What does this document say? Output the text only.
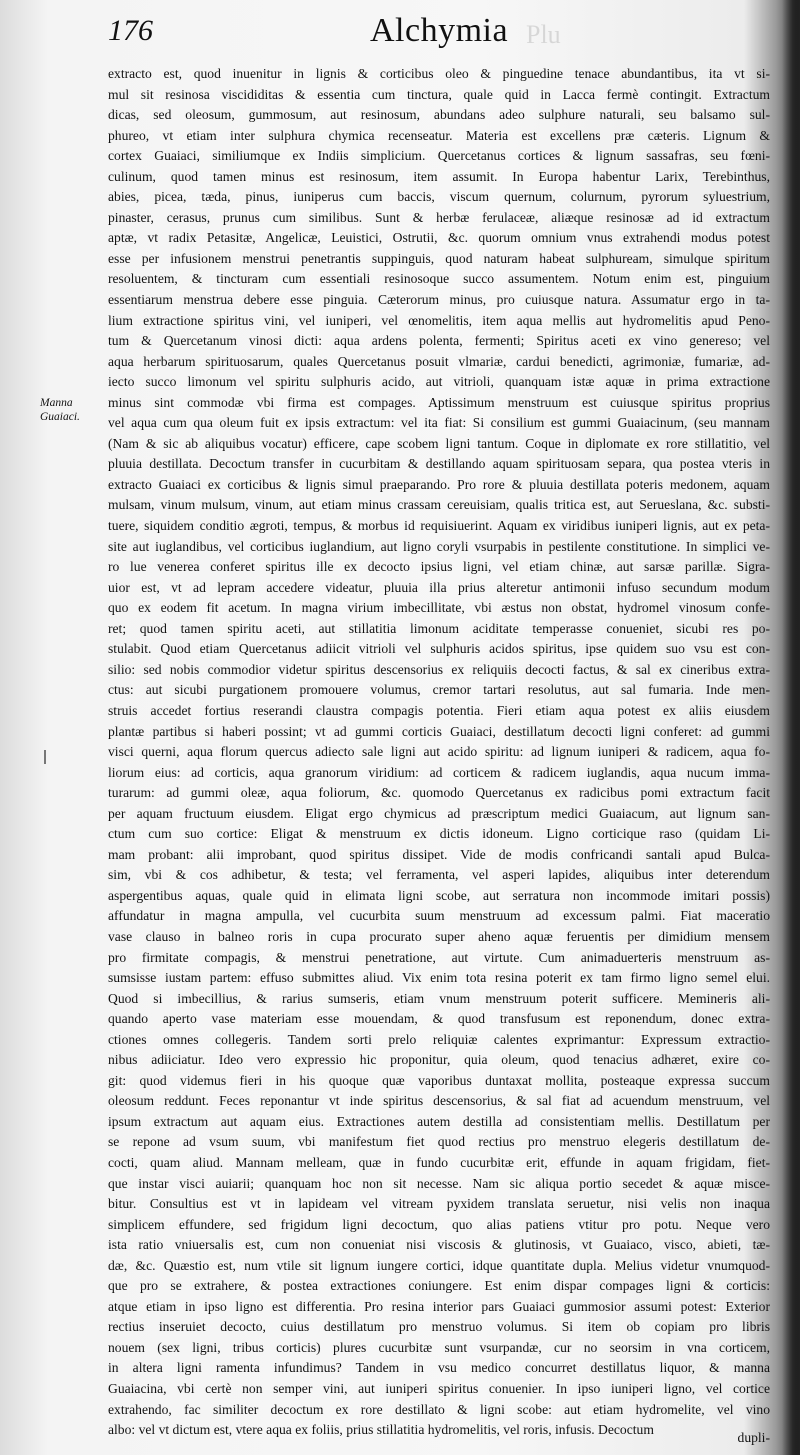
176	Alchymia Plu
Manna Guaiaci.
extracto est, quod inuenitur in lignis & corticibus oleo & pinguedine tenace abundantibus, ita vt si-
mul sit resinosa viscididitas & essentia cum tinctura, quale quid in Lacca fermè contingit. Extractum
dicas, sed oleosum, gummosum, aut resinosum, abundans adeo sulphure naturali, seu balsamo sul-
phureo, vt etiam inter sulphura chymica recenseatur. Materia est excellens præ cæteris. Lignum &
cortex Guaiaci, similiumque ex Indiis simplicium. Quercetanus cortices & lignum sassafras, seu fœni-
culinum, quod tamen minus est resinosum, item assumit. In Europa habentur Larix, Terebinthus,
abies, picea, tæda, pinus, iuniperus cum baccis, viscum quernum, colurnum, pyrorum syluestrium,
pinaster, cerasus, prunus cum similibus. Sunt & herbæ ferulaceæ, aliæque resinosæ ad id extractum
aptæ, vt radix Petasitæ, Angelicæ, Leuistici, Ostrutii, &c. quorum omnium vnus extrahendi modus potest
esse per infusionem menstrui penetrantis suppinguis, quod naturam habeat sulphuream, simulque spiritum
resoluentem, & tincturam cum essentiali resinosoque succo assumentem. Notum enim est, pinguium
essentiarum menstrua debere esse pinguia. Cæterorum minus, pro cuiusque natura. Assumatur ergo in ta-
lium extractione spiritus vini, vel iuniperi, vel œnomelitis, item aqua mellis aut hydromelitis apud Peno-
tum & Quercetanum vinosi dicti: aqua ardens polenta, fermenti; Spiritus aceti ex vino genereso; vel
aqua herbarum spirituosarum, quales Quercetanus posuit vlmariæ, cardui benedicti, agrimoniæ, fumariæ, ad-
iecto succo limonum vel spiritu sulphuris acido, aut vitrioli, quanquam istæ aquæ in prima extractione
minus sint commodæ vbi firma est compages. Aptissimum menstruum est cuiusque spiritus proprius
vel aqua cum qua oleum fuit ex ipsis extractum: vel ita fiat: Si consilium est gummi Guaiacinum, (seu mannam
(Nam & sic ab aliquibus vocatur) efficere, cape scobem ligni tantum. Coque in diplomate ex rore stillatitio, vel
pluuia destillata. Decoctum transfer in cucurbitam & destillando aquam spirituosam separa, qua postea vteris in
extracto Guaiaci ex corticibus & lignis simul praeparando. Pro rore & pluuia destillata poteris medonem, aquam
mulsam, vinum mulsum, vinum, aut etiam minus crassam cereuisiam, qualis tritica est, aut Serueslana, &c. substi-
tuere, siquidem conditio ægroti, tempus, & morbus id requisiuerint. Aquam ex viridibus iuniperi lignis, aut ex peta-
site aut iuglandibus, vel corticibus iuglandium, aut ligno coryli vsurpabis in pestilente constitutione. In simplici ve-
ro lue venerea conferet spiritus ille ex decocto ipsius ligni, vel etiam chinæ, aut sarsæ parillæ. Sigra-
uior est, vt ad lepram accedere videatur, pluuia illa prius alteretur antimonii infuso secundum modum
quo ex eodem fit acetum. In magna virium imbecillitate, vbi æstus non obstat, hydromel vinosum confe-
ret; quod tamen spiritu aceti, aut stillatitia limonum aciditate temperasse conueniet, sicubi res po-
stulabit. Quod etiam Quercetanus adiicit vitrioli vel sulphuris acidos spiritus, ipse quidem suo vsu est con-
silio: sed nobis commodior videtur spiritus descensorius ex reliquiis decocti factus, & sal ex cineribus extra-
ctus: aut sicubi purgationem promouere volumus, cremor tartari resolutus, aut sal fumaria. Inde men-
struis accedet fortius reserandi claustra compagis potentia. Fieri etiam aqua potest ex aliis eiusdem
plantæ partibus si haberi possint; vt ad gummi corticis Guaiaci, destillatum decocti ligni conferet: ad gummi
visci querni, aqua florum quercus adiecto sale ligni aut acido spiritu: ad lignum iuniperi & radicem, aqua fo-
liorum eius: ad corticis, aqua granorum viridium: ad corticem & radicem iuglandis, aqua nucum imma-
turarum: ad gummi oleæ, aqua foliorum, &c. quomodo Quercetanus ex radicibus pomi extractum facit
per aquam fructuum eiusdem. Eligat ergo chymicus ad præscriptum medici Guaiacum, aut lignum san-
ctum cum suo cortice: Eligat & menstruum ex dictis idoneum. Ligno corticique raso (quidam Li-
mam probant: alii improbant, quod spiritus dissipet. Vide de modis confricandi santali apud Bulca-
sim, vbi & cos adhibetur, & testa; vel ferramenta, vel asperi lapides, aliquibus inter deterendum
aspergentibus aquas, quale quid in elimata ligni scobe, aut serratura non incommode imitari possis)
affundatur in magna ampulla, vel cucurbita suum menstruum ad excessum palmi. Fiat maceratio
vase clauso in balneo roris in cupa procurato super aheno aquæ feruentis per dimidium mensem
pro firmitate compagis, & menstrui penetratione, aut virtute. Cum animaduerteris menstruum as-
sumsisse iustam partem: effuso submittes aliud. Vix enim tota resina poterit ex tam firmo ligno semel elui.
Quod si imbecillius, & rarius sumseris, etiam vnum menstruum poterit sufficere. Memineris ali-
quando aperto vase materiam esse mouendam, & quod transfusum est reponendum, donec extra-
ctiones omnes collegeris. Tandem sorti prelo reliquiæ calentes exprimantur: Expressum extractio-
nibus adiiciatur. Ideo vero expressio hic proponitur, quia oleum, quod tenacius adhæret, exire co-
git: quod videmus fieri in his quoque quæ vaporibus duntaxat mollita, posteaque expressa succum
oleosum reddunt. Feces reponantur vt inde spiritus descensorius, & sal fiat ad acuendum menstruum, vel
ipsum extractum aut aquam eius. Extractiones autem destilla ad consistentiam mellis. Destillatum per
se repone ad vsum suum, vbi manifestum fiet quod rectius pro menstruo elegeris destillatum de-
cocti, quam aliud. Mannam melleam, quæ in fundo cucurbitæ erit, effunde in aquam frigidam, fiet-
que instar visci auiarii; quanquam hoc non sit necesse. Nam sic aliqua portio secedet & aquæ misce-
bitur. Consultius est vt in lapideam vel vitream pyxidem translata seruetur, nisi velis non inaqua
simplicem effundere, sed frigidum ligni decoctum, quo alias patiens vtitur pro potu. Neque vero
ista ratio vniuersalis est, cum non conueniat nisi viscosis & glutinosis, vt Guaiaco, visco, abieti, tæ-
dæ, &c. Quæstio est, num vtile sit lignum iungere cortici, idque quantitate dupla. Melius videtur vnumquod-
que pro se extrahere, & postea extractiones coniungere. Est enim dispar compages ligni & corticis:
atque etiam in ipso ligno est differentia. Pro resina interior pars Guaiaci gummosior assumi potest: Exterior
rectius inseruiet decocto, cuius destillatum pro menstruo volumus. Si item ob copiam pro libris
nouem (sex ligni, tribus corticis) plures cucurbitæ sunt vsurpandæ, cur no seorsim in vna corticem,
in altera ligni ramenta infundimus? Tandem in vsu medico concurret destillatus liquor, & manna
Guaiacina, vbi certè non semper vini, aut iuniperi spiritus conuenier. In ipso iuniperi ligno, vel cortice
extrahendo, fac similiter decoctum ex rore destillato & ligni scobe: aut etiam hydromelite, vel vino
albo: vel vt dictum est, vtere aqua ex foliis, prius stillatitia hydromelitis, vel roris, infusis. Decoctum
dupli-
